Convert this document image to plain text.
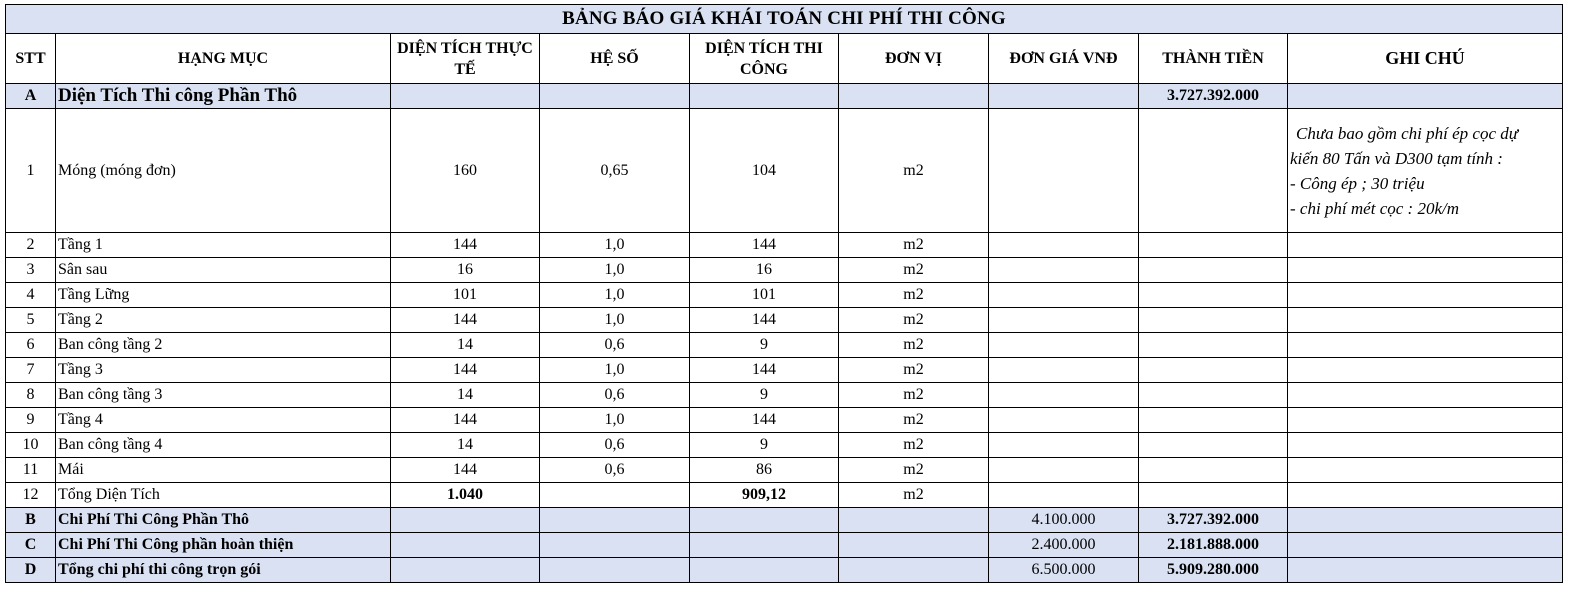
BẢNG BÁO GIÁ KHÁI TOÁN CHI PHÍ THI CÔNG								
STT	HẠNG MỤC	DIỆN TÍCH THỰC TẾ	HỆ SỐ	DIỆN TÍCH THI CÔNG	ĐƠN VỊ	ĐƠN GIÁ VNĐ	THÀNH TIỀN	GHI CHÚ
A	Diện Tích Thi công Phần Thô						3.727.392.000	
1	Móng (móng đơn)	160	0,65	104	m2			Chưa bao gồm chi phí ép cọc dự
kiến 80 Tấn và D300 tạm tính :
- Công ép ; 30 triệu
- chi phí mét cọc : 20k/m

2	Tầng 1	144	1,0	144	m2			
3	Sân sau	16	1,0	16	m2			
4	Tầng Lững	101	1,0	101	m2			
5	Tầng 2	144	1,0	144	m2			
6	Ban công tầng 2	14	0,6	9	m2			
7	Tầng 3	144	1,0	144	m2			
8	Ban công tầng 3	14	0,6	9	m2			
9	Tầng 4	144	1,0	144	m2			
10	Ban công tầng 4	14	0,6	9	m2			
11	Mái	144	0,6	86	m2			
12	Tổng Diện Tích	1.040		909,12	m2			
B	Chi Phí Thi Công Phần Thô					4.100.000	3.727.392.000	
C	Chi Phí Thi Công phần hoàn thiện					2.400.000	2.181.888.000	
D	Tổng chi phí thi công trọn gói					6.500.000	5.909.280.000	
